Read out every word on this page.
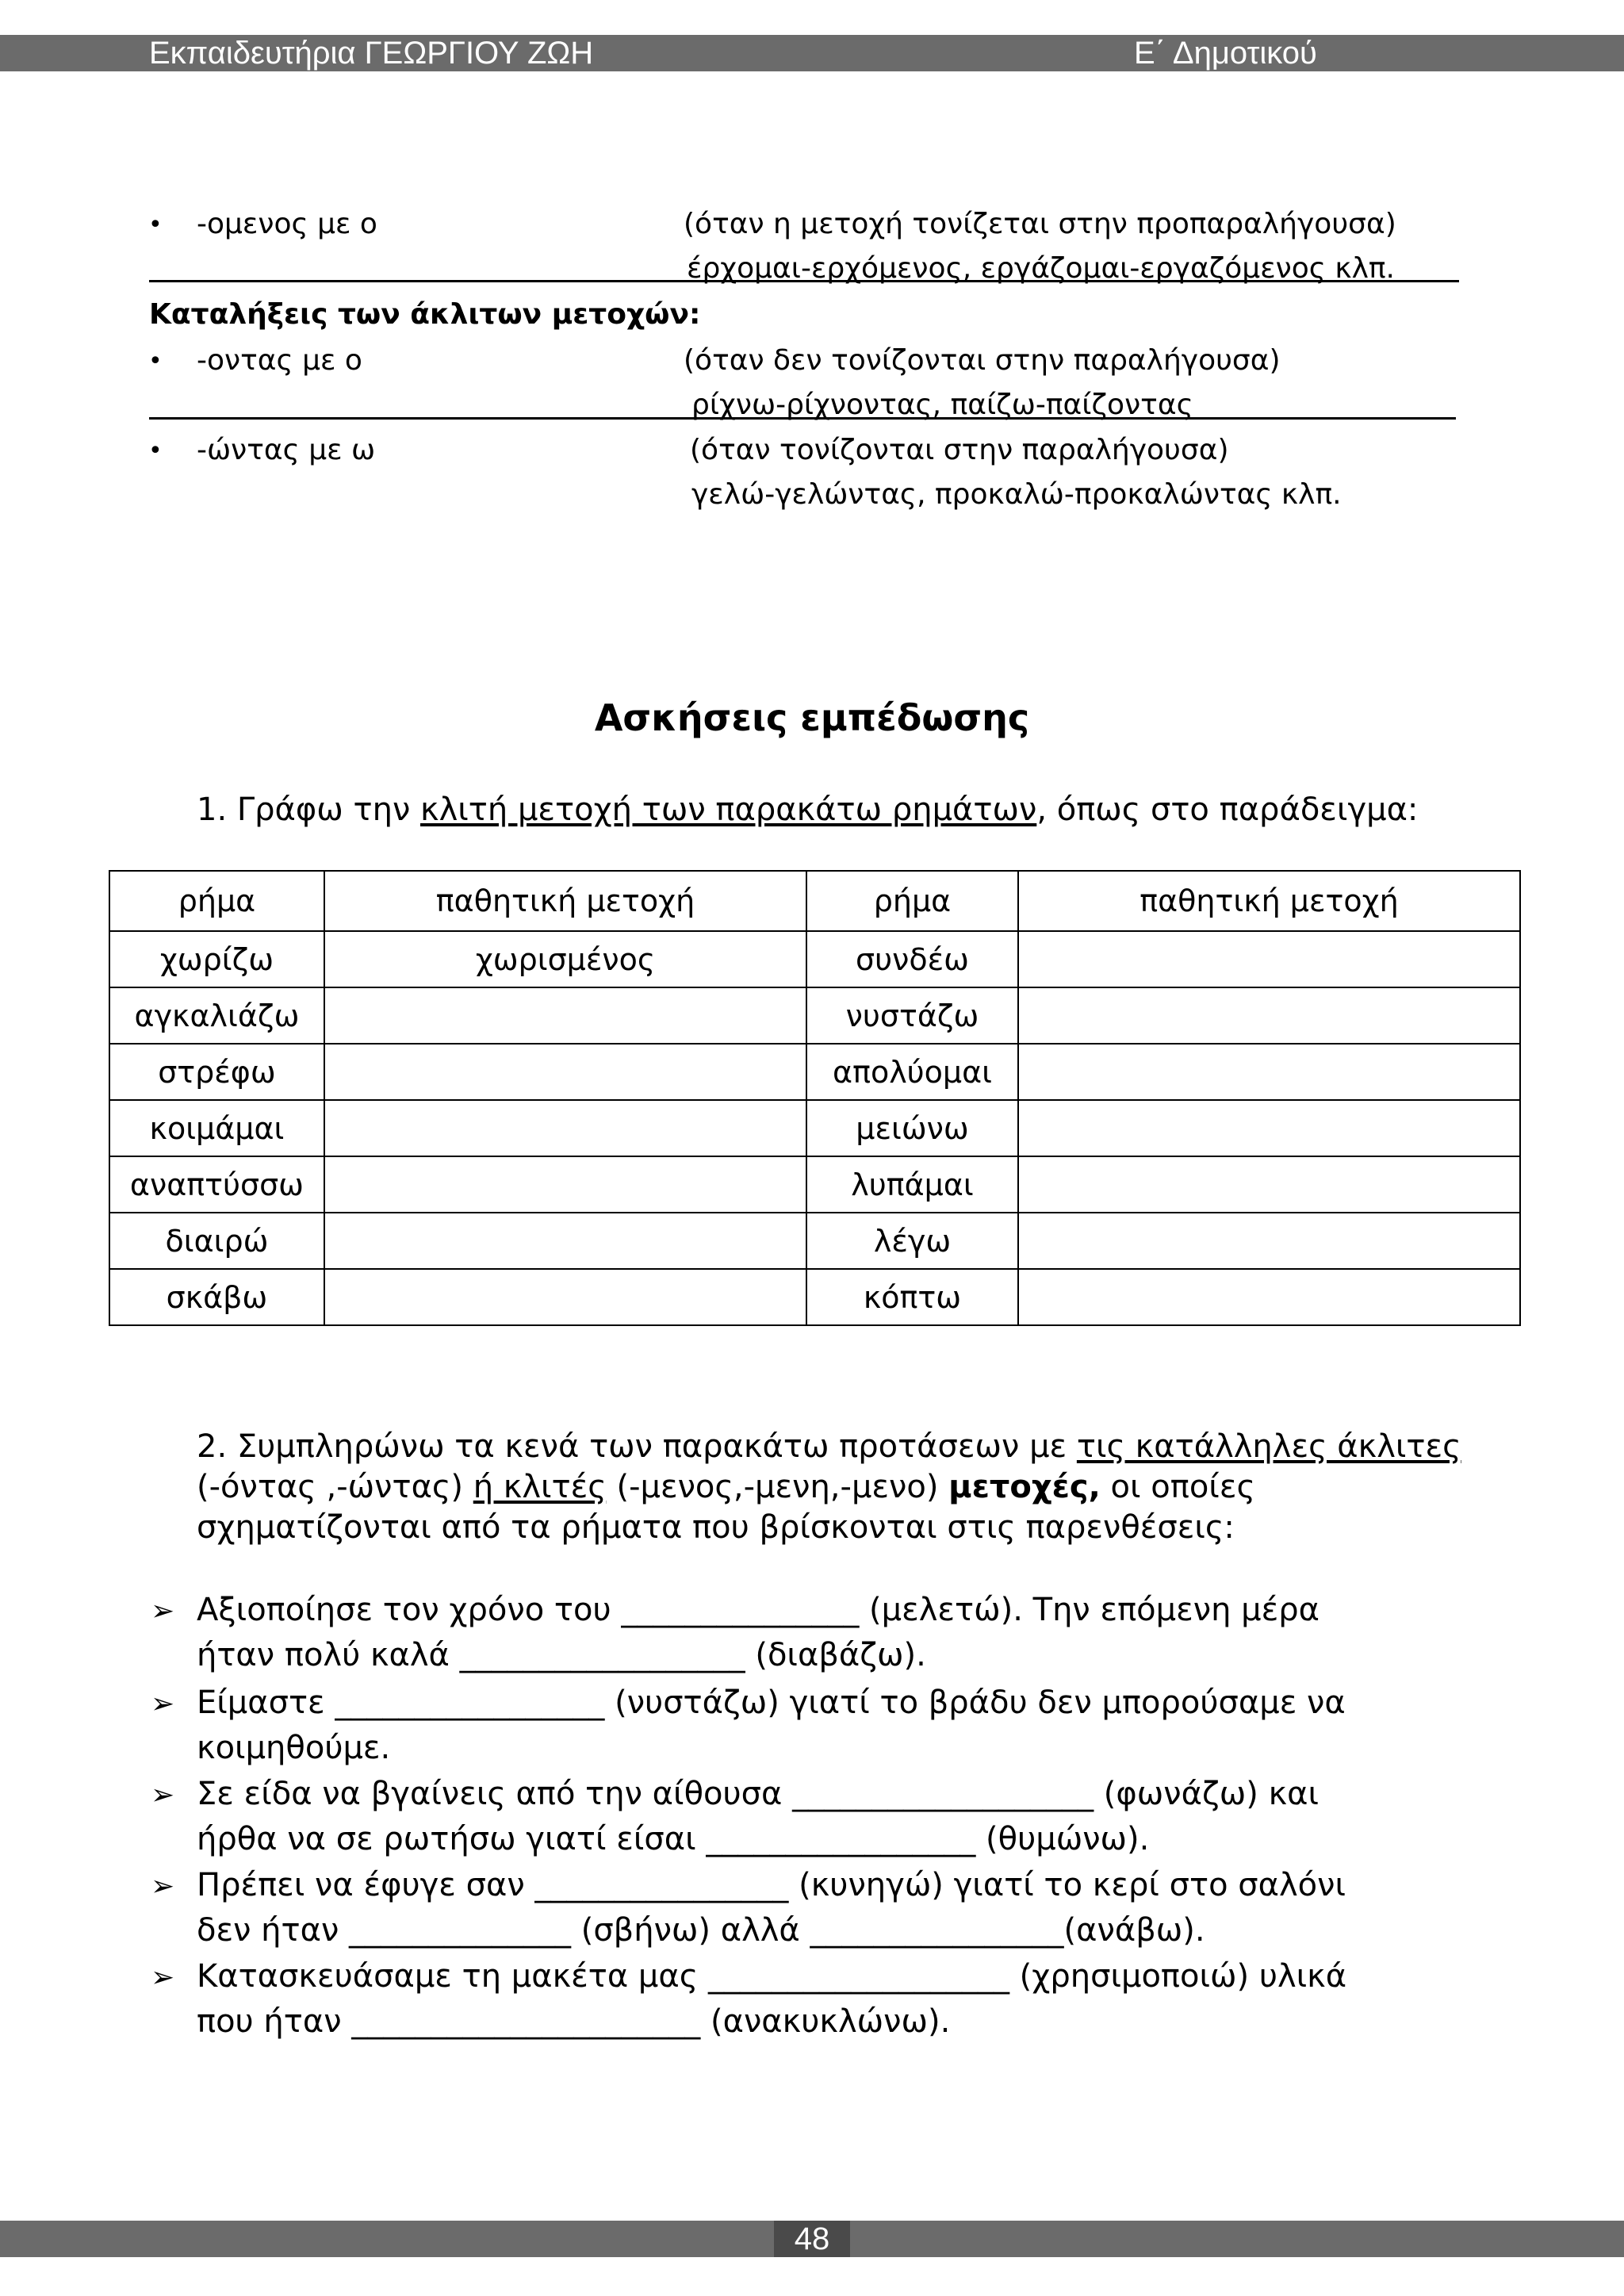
Εκπαιδευτήρια ΓΕΩΡΓΙΟΥ ΖΩΗ	Ε΄ Δημοτικού
• -ομενος με ο	(όταν η μετοχή τονίζεται στην προπαραλήγουσα)
έρχομαι-ερχόμενος, εργάζομαι-εργαζόμενος κλπ.
Καταλήξεις των άκλιτων μετοχών:
• -οντας με ο	(όταν δεν τονίζονται στην παραλήγουσα)
ρίχνω-ρίχνοντας, παίζω-παίζοντας
• -ώντας με ω	(όταν τονίζονται στην παραλήγουσα)
γελώ-γελώντας, προκαλώ-προκαλώντας κλπ.
Ασκήσεις εμπέδωσης
1. Γράφω την κλιτή μετοχή των παρακάτω ρημάτων, όπως στο παράδειγμα:
ρήμα	παθητική μετοχή	ρήμα	παθητική μετοχή
χωρίζω	χωρισμένος	συνδέω	
αγκαλιάζω		νυστάζω	
στρέφω		απολύομαι	
κοιμάμαι		μειώνω	
αναπτύσσω		λυπάμαι	
διαιρώ		λέγω	
σκάβω		κόπτω	
2. Συμπληρώνω τα κενά των παρακάτω προτάσεων με τις κατάλληλες άκλιτες
(-όντας ,-ώντας) ή κλιτές (-μενος,-μενη,-μενο) μετοχές, οι οποίες
σχηματίζονται από τα ρήματα που βρίσκονται στις παρενθέσεις:
➢ Αξιοποίησε τον χρόνο του _______________ (μελετώ). Την επόμενη μέρα
ήταν πολύ καλά __________________ (διαβάζω).
➢ Είμαστε _________________ (νυστάζω) γιατί το βράδυ δεν μπορούσαμε να
κοιμηθούμε.
➢ Σε είδα να βγαίνεις από την αίθουσα ___________________ (φωνάζω) και
ήρθα να σε ρωτήσω γιατί είσαι _________________ (θυμώνω).
➢ Πρέπει να έφυγε σαν ________________ (κυνηγώ) γιατί το κερί στο σαλόνι
δεν ήταν ______________ (σβήνω) αλλά ________________(ανάβω).
➢ Κατασκευάσαμε τη μακέτα μας ___________________ (χρησιμοποιώ) υλικά
που ήταν ______________________ (ανακυκλώνω).
48
